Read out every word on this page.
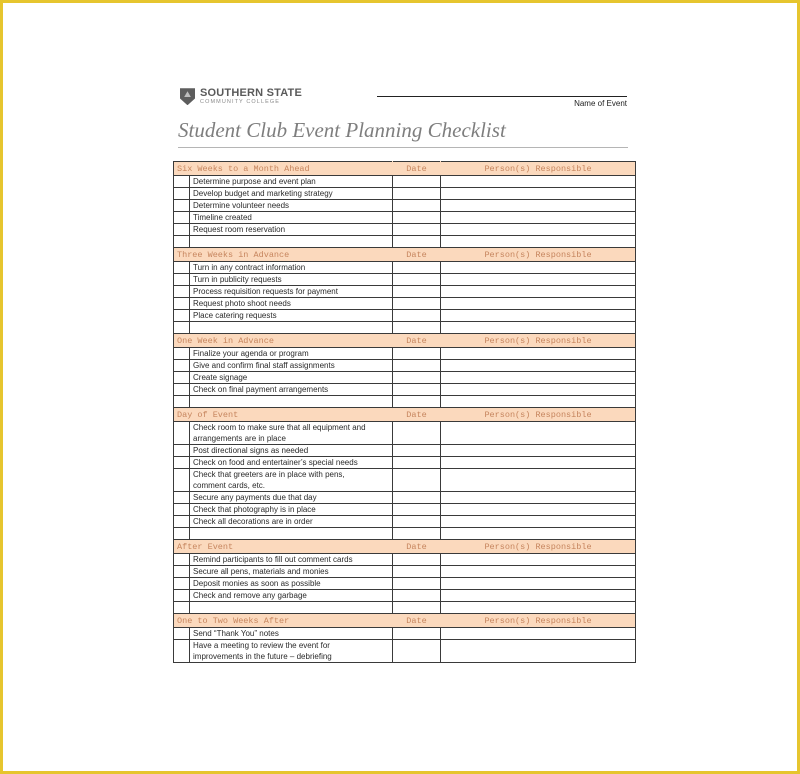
SOUTHERN STATE
COMMUNITY COLLEGE	Name of Event
Student Club Event Planning Checklist
Six Weeks to a Month Ahead		Date	Person(s) Responsible
	Determine purpose and event plan		
	Develop budget and marketing strategy		
	Determine volunteer needs		
	Timeline created		
	Request room reservation		

Three Weeks in Advance		Date	Person(s) Responsible
	Turn in any contract information		
	Turn in publicity requests		
	Process requisition requests for payment		
	Request photo shoot needs		
	Place catering requests		

One Week in Advance		Date	Person(s) Responsible
	Finalize your agenda or program		
	Give and confirm final staff assignments		
	Create signage		
	Check on final payment arrangements		

Day of Event		Date	Person(s) Responsible
	Check room to make sure that all equipment and
arrangements are in place		
	Post directional signs as needed		
	Check on food and entertainer’s special needs		
	Check that greeters are in place with pens,
comment cards, etc.		
	Secure any payments due that day		
	Check that photography is in place		
	Check all decorations are in order		

After Event		Date	Person(s) Responsible
	Remind participants to fill out comment cards		
	Secure all pens, materials and monies		
	Deposit monies as soon as possible		
	Check and remove any garbage		

One to Two Weeks After		Date	Person(s) Responsible
	Send “Thank You” notes		
	Have a meeting to review the event for
improvements in the future – debriefing		
